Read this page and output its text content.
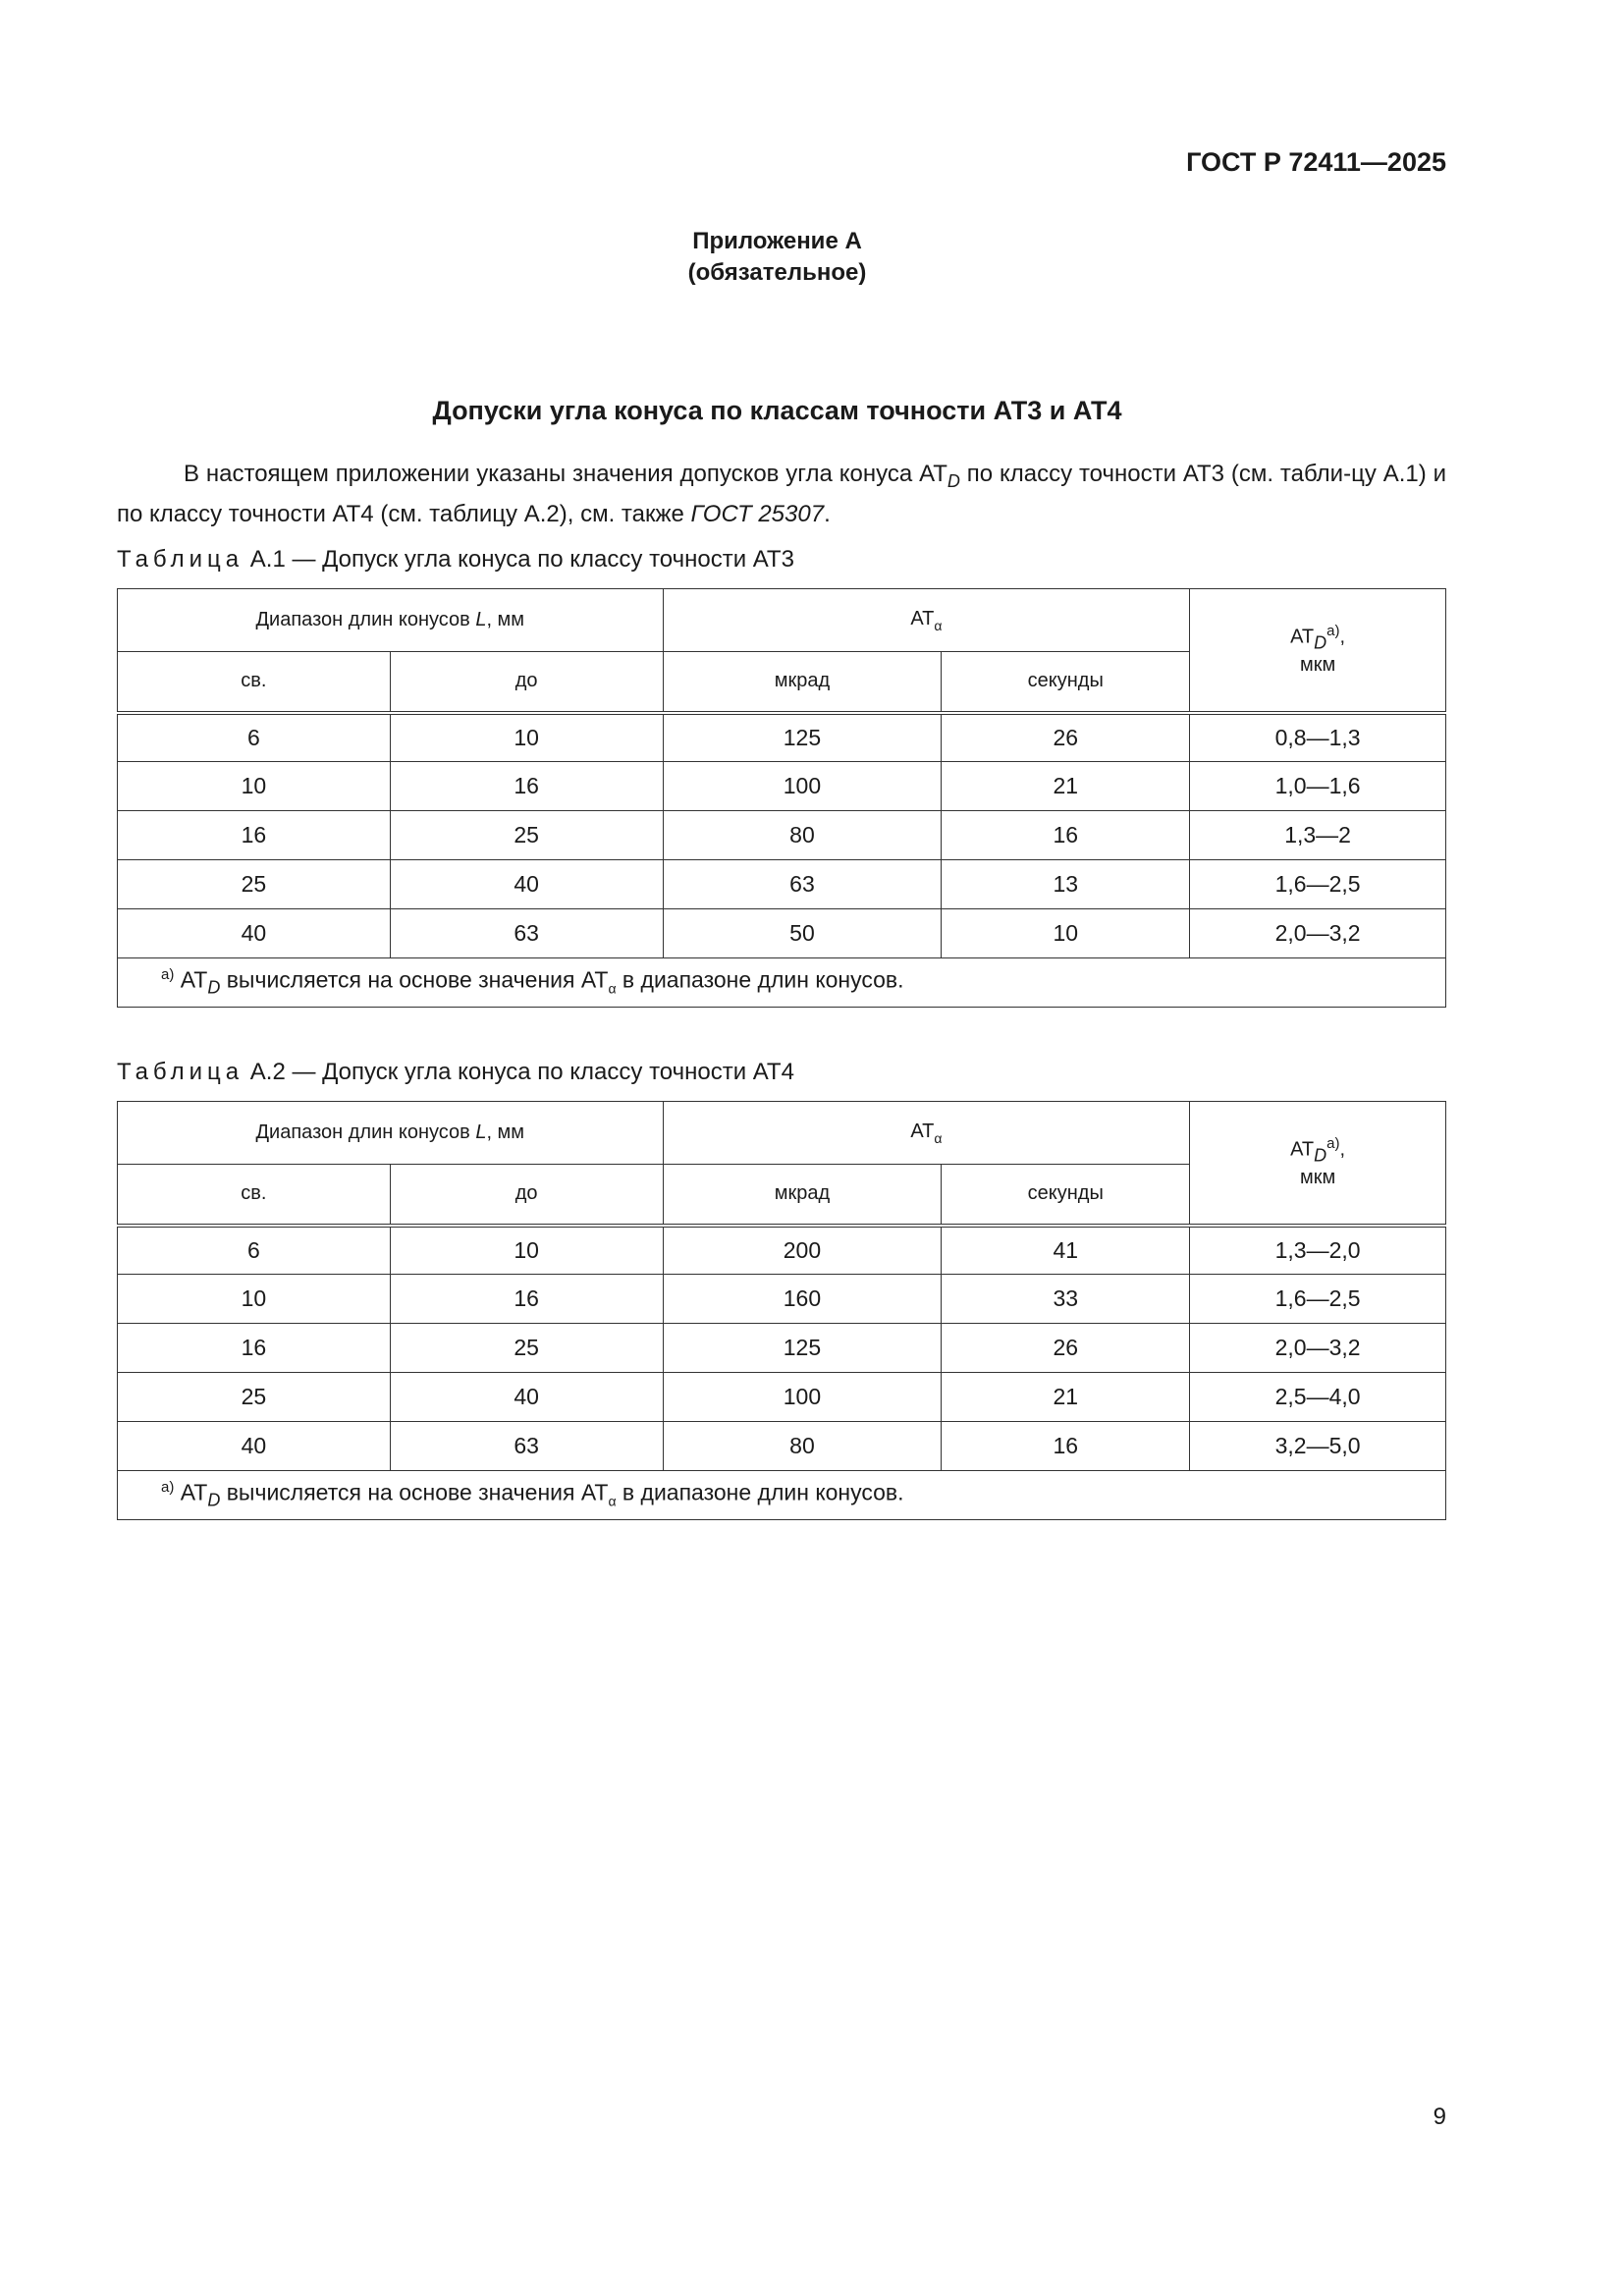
ГОСТ Р 72411—2025
Приложение А
(обязательное)
Допуски угла конуса по классам точности АТ3 и АТ4
В настоящем приложении указаны значения допусков угла конуса $АТ_D$ по классу точности АТ3 (см. табли-цу А.1) и по классу точности АТ4 (см. таблицу А.2), см. также ГОСТ 25307.
Таблица А.1 — Допуск угла конуса по классу точности АТ3
Диапазон длин конусов L, мм		$АТ_\alpha$		$АТD^{а)}$,
мкм
св.	до	мкрад	секунды	
6	10	125	26	0,8—1,3
10	16	100	21	1,0—1,6
16	25	80	16	1,3—2
25	40	63	13	1,6—2,5
40	63	50	10	2,0—3,2
$^{а)}$ $АТ_D$ вычисляется на основе значения $АТ_\alpha$ в диапазоне длин конусов.				
Таблица А.2 — Допуск угла конуса по классу точности АТ4
Диапазон длин конусов L, мм		$АТ_\alpha$		$АТD^{а)}$,
мкм
св.	до	мкрад	секунды	
6	10	200	41	1,3—2,0
10	16	160	33	1,6—2,5
16	25	125	26	2,0—3,2
25	40	100	21	2,5—4,0
40	63	80	16	3,2—5,0
$^{а)}$ $АТ_D$ вычисляется на основе значения $АТ_\alpha$ в диапазоне длин конусов.				
9
